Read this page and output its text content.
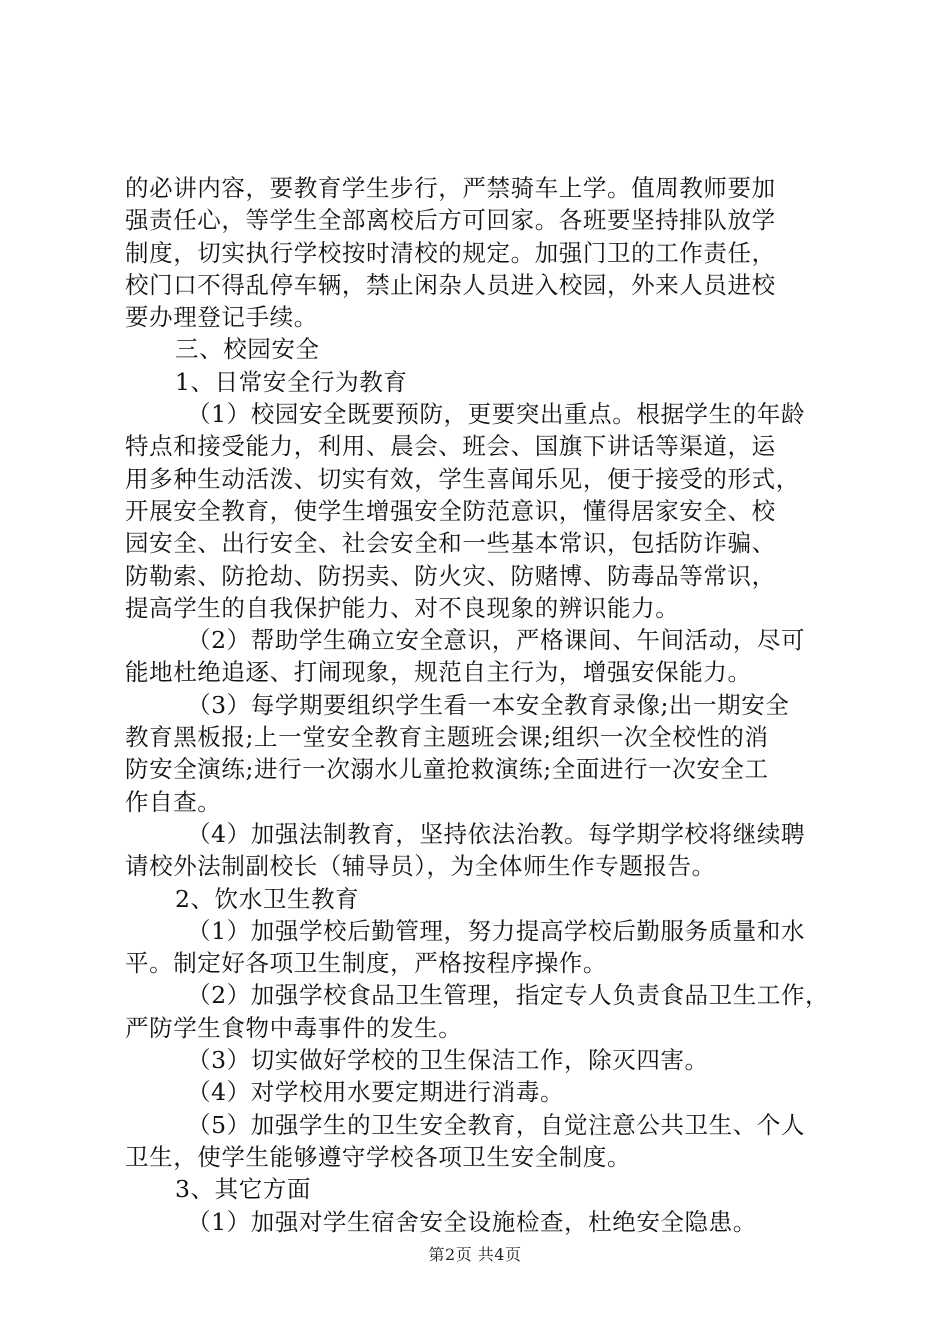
的必讲内容，要教育学生步行，严禁骑车上学。值周教师要加
强责任心，等学生全部离校后方可回家。各班要坚持排队放学
制度，切实执行学校按时清校的规定。加强门卫的工作责任，
校门口不得乱停车辆，禁止闲杂人员进入校园，外来人员进校
要办理登记手续。
三、校园安全
1、日常安全行为教育
（1）校园安全既要预防，更要突出重点。根据学生的年龄
特点和接受能力，利用、晨会、班会、国旗下讲话等渠道，运
用多种生动活泼、切实有效，学生喜闻乐见，便于接受的形式，
开展安全教育，使学生增强安全防范意识，懂得居家安全、校
园安全、出行安全、社会安全和一些基本常识，包括防诈骗、
防勒索、防抢劫、防拐卖、防火灾、防赌博、防毒品等常识，
提高学生的自我保护能力、对不良现象的辨识能力。
（2）帮助学生确立安全意识，严格课间、午间活动，尽可
能地杜绝追逐、打闹现象，规范自主行为，增强安保能力。
（3）每学期要组织学生看一本安全教育录像;出一期安全
教育黑板报;上一堂安全教育主题班会课;组织一次全校性的消
防安全演练;进行一次溺水儿童抢救演练;全面进行一次安全工
作自查。
（4）加强法制教育，坚持依法治教。每学期学校将继续聘
请校外法制副校长（辅导员），为全体师生作专题报告。
2、饮水卫生教育
（1）加强学校后勤管理，努力提高学校后勤服务质量和水
平。制定好各项卫生制度，严格按程序操作。
（2）加强学校食品卫生管理，指定专人负责食品卫生工作，
严防学生食物中毒事件的发生。
（3）切实做好学校的卫生保洁工作，除灭四害。
（4）对学校用水要定期进行消毒。
（5）加强学生的卫生安全教育，自觉注意公共卫生、个人
卫生，使学生能够遵守学校各项卫生安全制度。
3、其它方面
（1）加强对学生宿舍安全设施检查，杜绝安全隐患。
第2页 共4页
